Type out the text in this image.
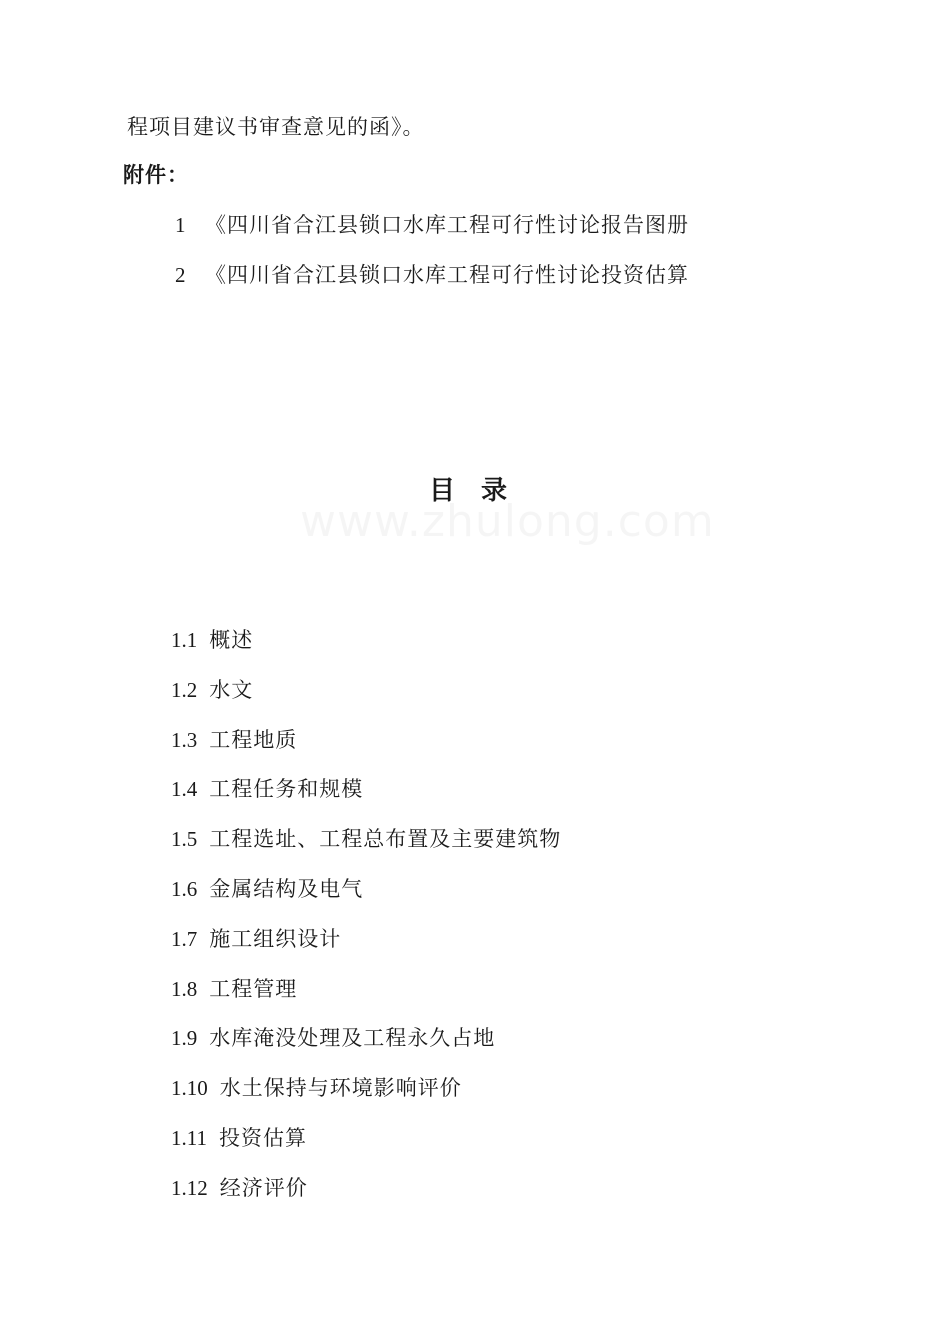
程项目建议书审查意见的函》。
附件：
1 《四川省合江县锁口水库工程可行性讨论报告图册
2 《四川省合江县锁口水库工程可行性讨论投资估算
目录
1.1 概述
1.2 水文
1.3 工程地质
1.4 工程任务和规模
1.5 工程选址、工程总布置及主要建筑物
1.6 金属结构及电气
1.7 施工组织设计
1.8 工程管理
1.9 水库淹没处理及工程永久占地
1.10 水土保持与环境影响评价
1.11 投资估算
1.12 经济评价
